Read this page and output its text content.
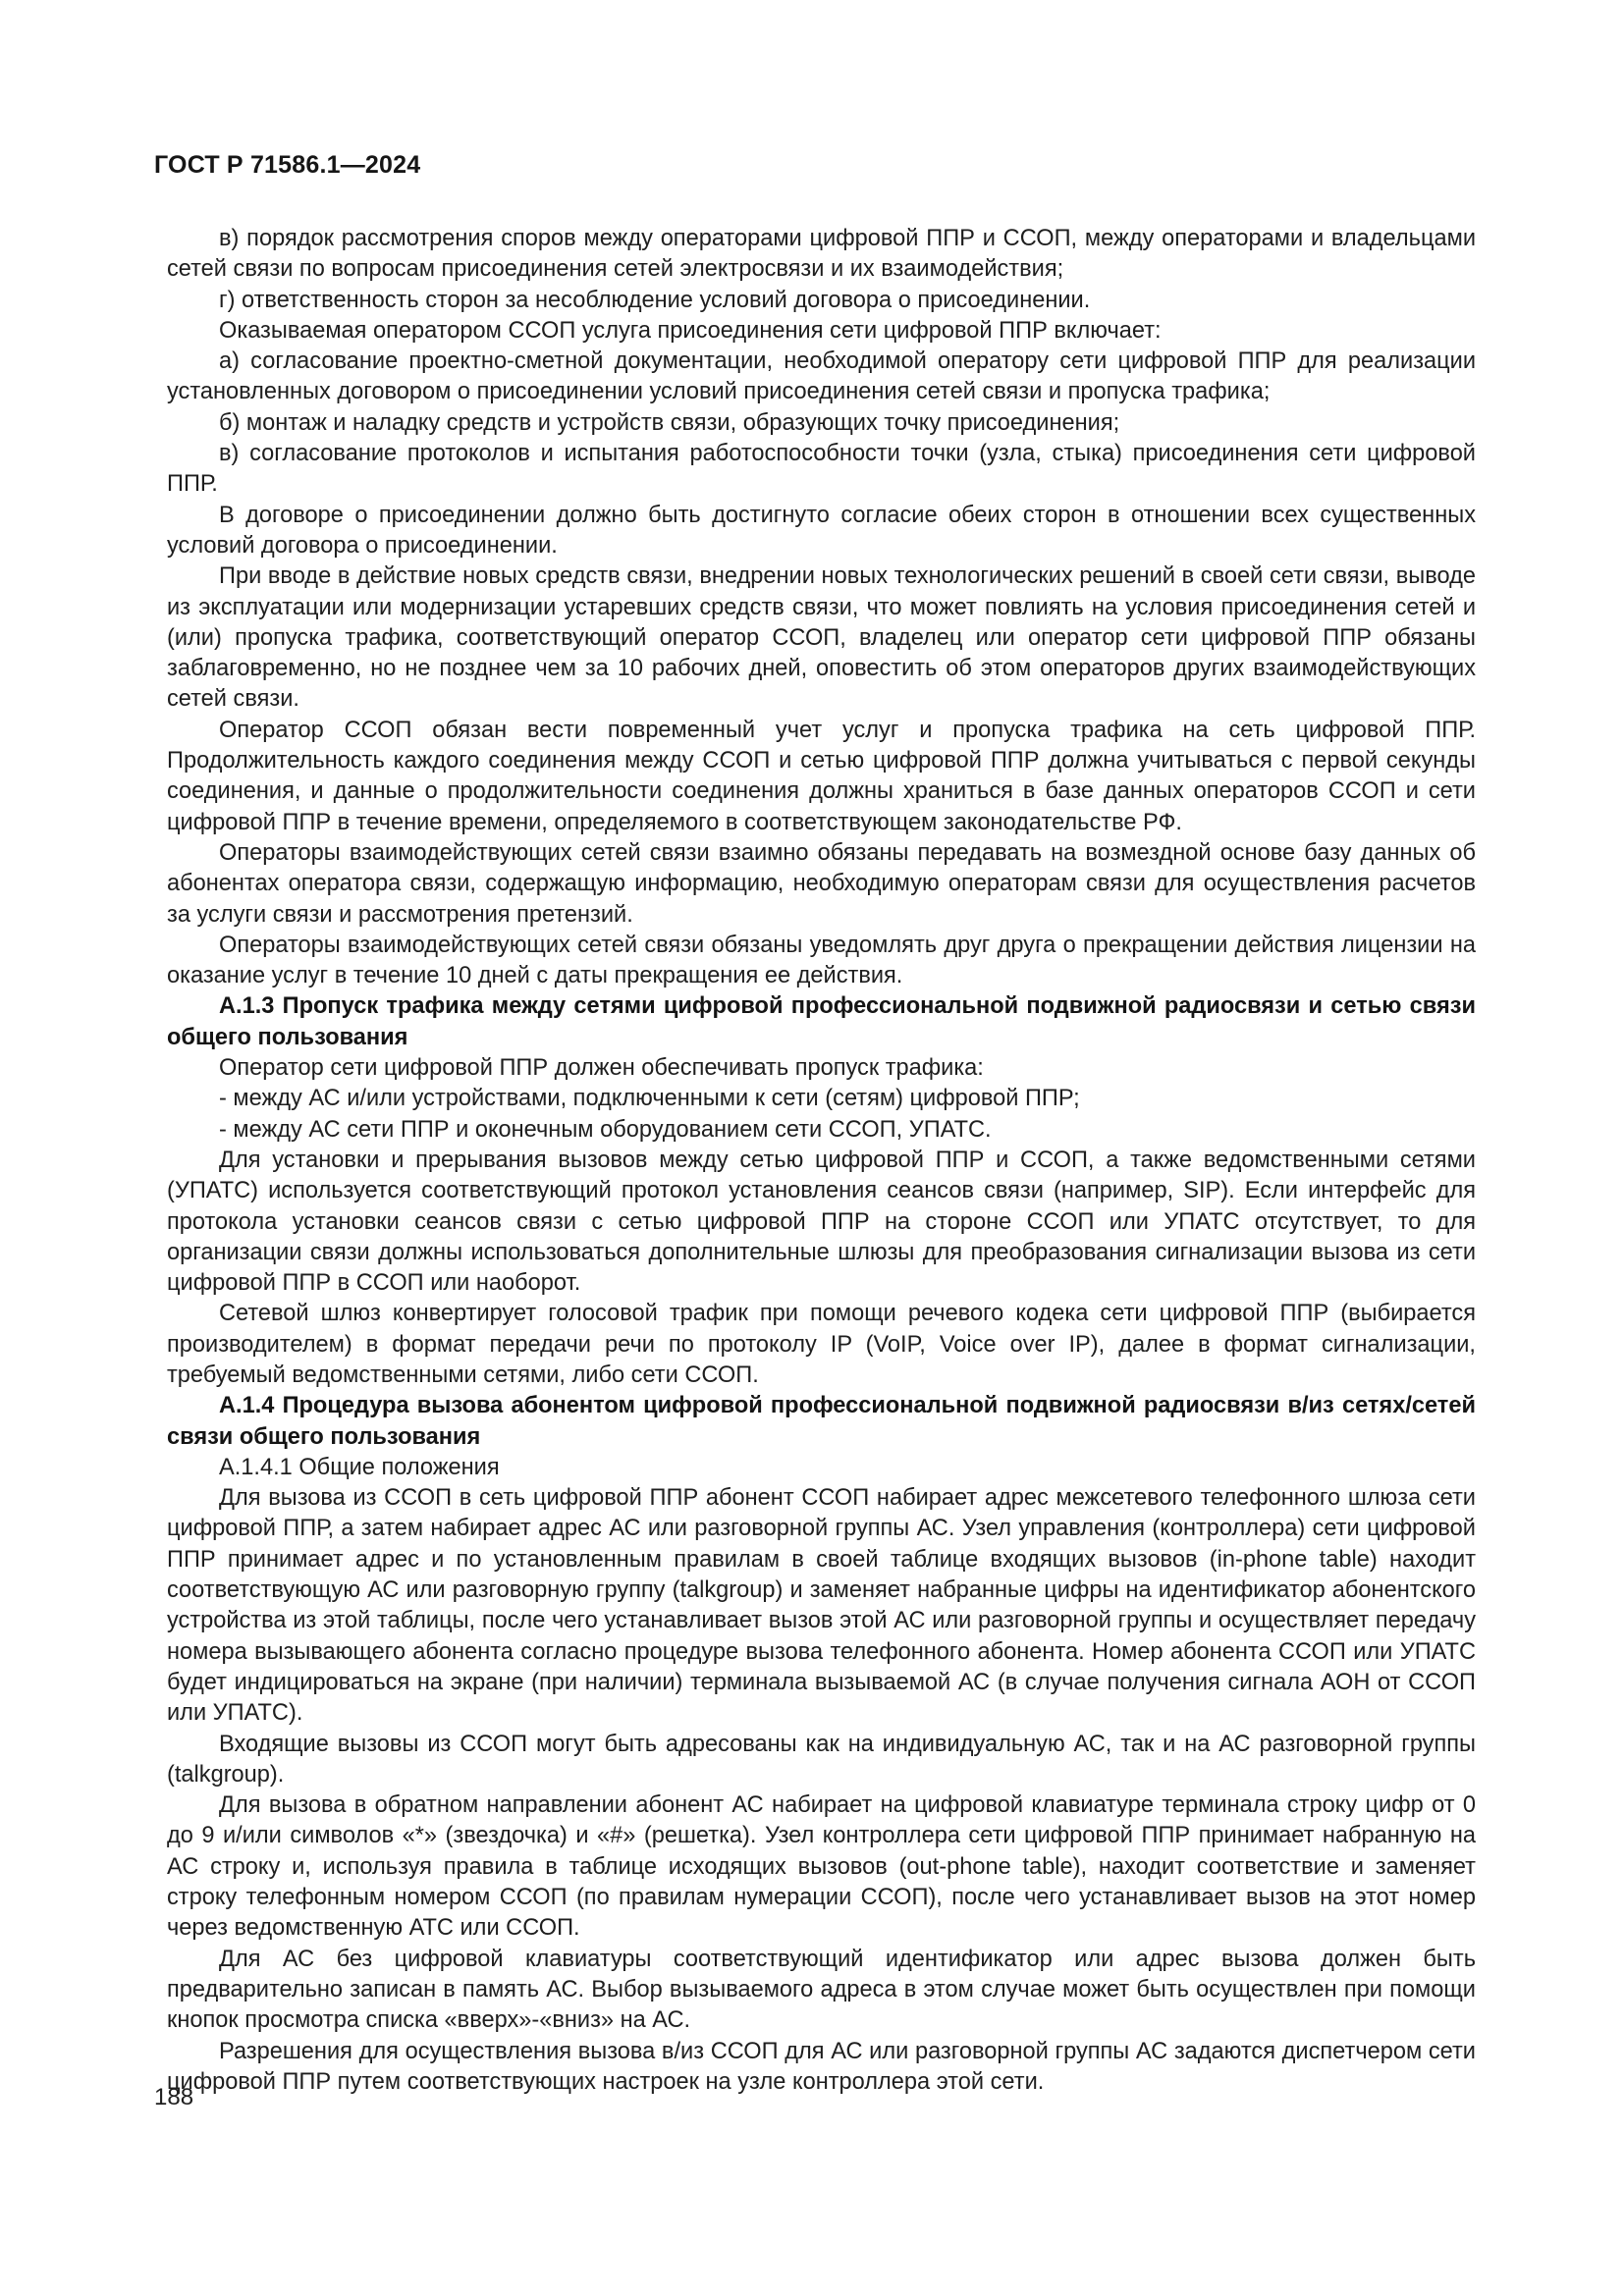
ГОСТ Р 71586.1—2024

в) порядок рассмотрения споров между операторами цифровой ППР и ССОП, между операторами и владельцами сетей связи по вопросам присоединения сетей электросвязи и их взаимодействия;

г) ответственность сторон за несоблюдение условий договора о присоединении.

Оказываемая оператором ССОП услуга присоединения сети цифровой ППР включает:

а) согласование проектно-сметной документации, необходимой оператору сети цифровой ППР для реализации установленных договором о присоединении условий присоединения сетей связи и пропуска трафика;

б) монтаж и наладку средств и устройств связи, образующих точку присоединения;

в) согласование протоколов и испытания работоспособности точки (узла, стыка) присоединения сети цифровой ППР.

В договоре о присоединении должно быть достигнуто согласие обеих сторон в отношении всех существенных условий договора о присоединении.

При вводе в действие новых средств связи, внедрении новых технологических решений в своей сети связи, выводе из эксплуатации или модернизации устаревших средств связи, что может повлиять на условия присоединения сетей и (или) пропуска трафика, соответствующий оператор ССОП, владелец или оператор сети цифровой ППР обязаны заблаговременно, но не позднее чем за 10 рабочих дней, оповестить об этом операторов других взаимодействующих сетей связи.

Оператор ССОП обязан вести повременный учет услуг и пропуска трафика на сеть цифровой ППР. Продолжительность каждого соединения между ССОП и сетью цифровой ППР должна учитываться с первой секунды соединения, и данные о продолжительности соединения должны храниться в базе данных операторов ССОП и сети цифровой ППР в течение времени, определяемого в соответствующем законодательстве РФ.

Операторы взаимодействующих сетей связи взаимно обязаны передавать на возмездной основе базу данных об абонентах оператора связи, содержащую информацию, необходимую операторам связи для осуществления расчетов за услуги связи и рассмотрения претензий.

Операторы взаимодействующих сетей связи обязаны уведомлять друг друга о прекращении действия лицензии на оказание услуг в течение 10 дней с даты прекращения ее действия.

А.1.3 Пропуск трафика между сетями цифровой профессиональной подвижной радиосвязи и сетью связи общего пользования

Оператор сети цифровой ППР должен обеспечивать пропуск трафика:

- между АС и/или устройствами, подключенными к сети (сетям) цифровой ППР;

- между АС сети ППР и оконечным оборудованием сети ССОП, УПАТС.

Для установки и прерывания вызовов между сетью цифровой ППР и ССОП, а также ведомственными сетями (УПАТС) используется соответствующий протокол установления сеансов связи (например, SIP). Если интерфейс для протокола установки сеансов связи с сетью цифровой ППР на стороне ССОП или УПАТС отсутствует, то для организации связи должны использоваться дополнительные шлюзы для преобразования сигнализации вызова из сети цифровой ППР в ССОП или наоборот.

Сетевой шлюз конвертирует голосовой трафик при помощи речевого кодека сети цифровой ППР (выбирается производителем) в формат передачи речи по протоколу IP (VoIP, Voice over IP), далее в формат сигнализации, требуемый ведомственными сетями, либо сети ССОП.

А.1.4 Процедура вызова абонентом цифровой профессиональной подвижной радиосвязи в/из сетях/сетей связи общего пользования

А.1.4.1 Общие положения

Для вызова из ССОП в сеть цифровой ППР абонент ССОП набирает адрес межсетевого телефонного шлюза сети цифровой ППР, а затем набирает адрес АС или разговорной группы АС. Узел управления (контроллера) сети цифровой ППР принимает адрес и по установленным правилам в своей таблице входящих вызовов (in-phone table) находит соответствующую АС или разговорную группу (talkgroup) и заменяет набранные цифры на идентификатор абонентского устройства из этой таблицы, после чего устанавливает вызов этой АС или разговорной группы и осуществляет передачу номера вызывающего абонента согласно процедуре вызова телефонного абонента. Номер абонента ССОП или УПАТС будет индицироваться на экране (при наличии) терминала вызываемой АС (в случае получения сигнала АОН от ССОП или УПАТС).

Входящие вызовы из ССОП могут быть адресованы как на индивидуальную АС, так и на АС разговорной группы (talkgroup).

Для вызова в обратном направлении абонент АС набирает на цифровой клавиатуре терминала строку цифр от 0 до 9 и/или символов «*» (звездочка) и «#» (решетка). Узел контроллера сети цифровой ППР принимает набранную на АС строку и, используя правила в таблице исходящих вызовов (out-phone table), находит соответствие и заменяет строку телефонным номером ССОП (по правилам нумерации ССОП), после чего устанавливает вызов на этот номер через ведомственную АТС или ССОП.

Для АС без цифровой клавиатуры соответствующий идентификатор или адрес вызова должен быть предварительно записан в память АС. Выбор вызываемого адреса в этом случае может быть осуществлен при помощи кнопок просмотра списка «вверх»-«вниз» на АС.

Разрешения для осуществления вызова в/из ССОП для АС или разговорной группы АС задаются диспетчером сети цифровой ППР путем соответствующих настроек на узле контроллера этой сети.

188
